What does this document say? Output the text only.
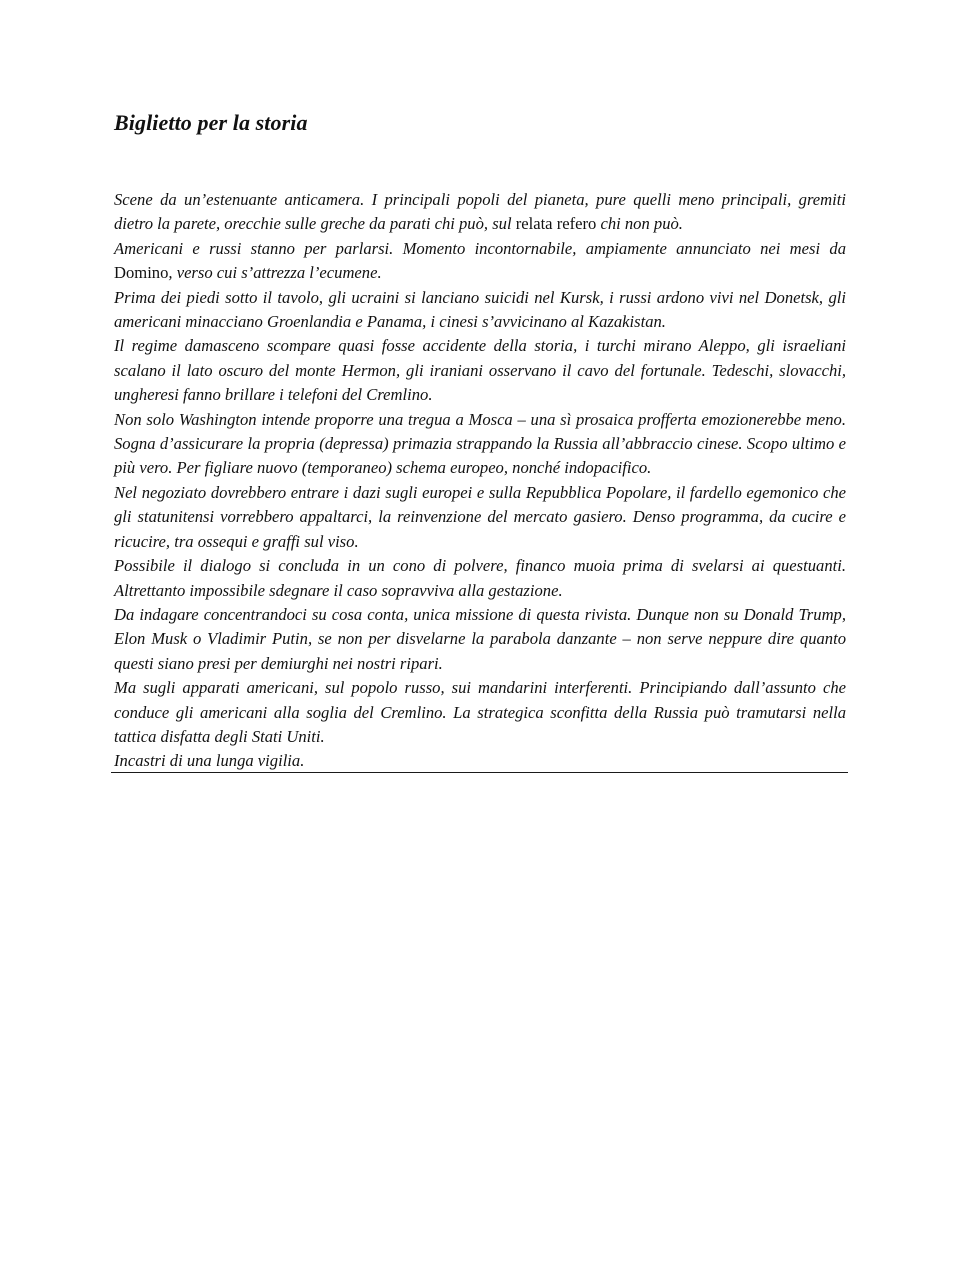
Biglietto per la storia

Scene da un’estenuante anticamera. I principali popoli del pianeta, pure quelli meno principali, gremiti dietro la parete, orecchie sulle greche da parati chi può, sul relata refero chi non può.

Americani e russi stanno per parlarsi. Momento incontornabile, ampiamente annunciato nei mesi da Domino, verso cui s’attrezza l’ecumene.

Prima dei piedi sotto il tavolo, gli ucraini si lanciano suicidi nel Kursk, i russi ardono vivi nel Donetsk, gli americani minacciano Groenlandia e Panama, i cinesi s’avvicinano al Kazakistan.

Il regime damasceno scompare quasi fosse accidente della storia, i turchi mirano Aleppo, gli israeliani scalano il lato oscuro del monte Hermon, gli iraniani osservano il cavo del fortunale. Tedeschi, slovacchi, ungheresi fanno brillare i telefoni del Cremlino.

Non solo Washington intende proporre una tregua a Mosca – una sì prosaica profferta emozionerebbe meno. Sogna d’assicurare la propria (depressa) primazia strappando la Russia all’abbraccio cinese. Scopo ultimo e più vero. Per figliare nuovo (temporaneo) schema europeo, nonché indopacifico.

Nel negoziato dovrebbero entrare i dazi sugli europei e sulla Repubblica Popolare, il fardello egemonico che gli statunitensi vorrebbero appaltarci, la reinvenzione del mercato gasiero. Denso programma, da cucire e ricucire, tra ossequi e graffi sul viso.

Possibile il dialogo si concluda in un cono di polvere, financo muoia prima di svelarsi ai questuanti. Altrettanto impossibile sdegnare il caso sopravviva alla gestazione.

Da indagare concentrandoci su cosa conta, unica missione di questa rivista. Dunque non su Donald Trump, Elon Musk o Vladimir Putin, se non per disvelarne la parabola danzante – non serve neppure dire quanto questi siano presi per demiurghi nei nostri ripari.

Ma sugli apparati americani, sul popolo russo, sui mandarini interferenti. Principiando dall’assunto che conduce gli americani alla soglia del Cremlino. La strategica sconfitta della Russia può tramutarsi nella tattica disfatta degli Stati Uniti.

Incastri di una lunga vigilia.
